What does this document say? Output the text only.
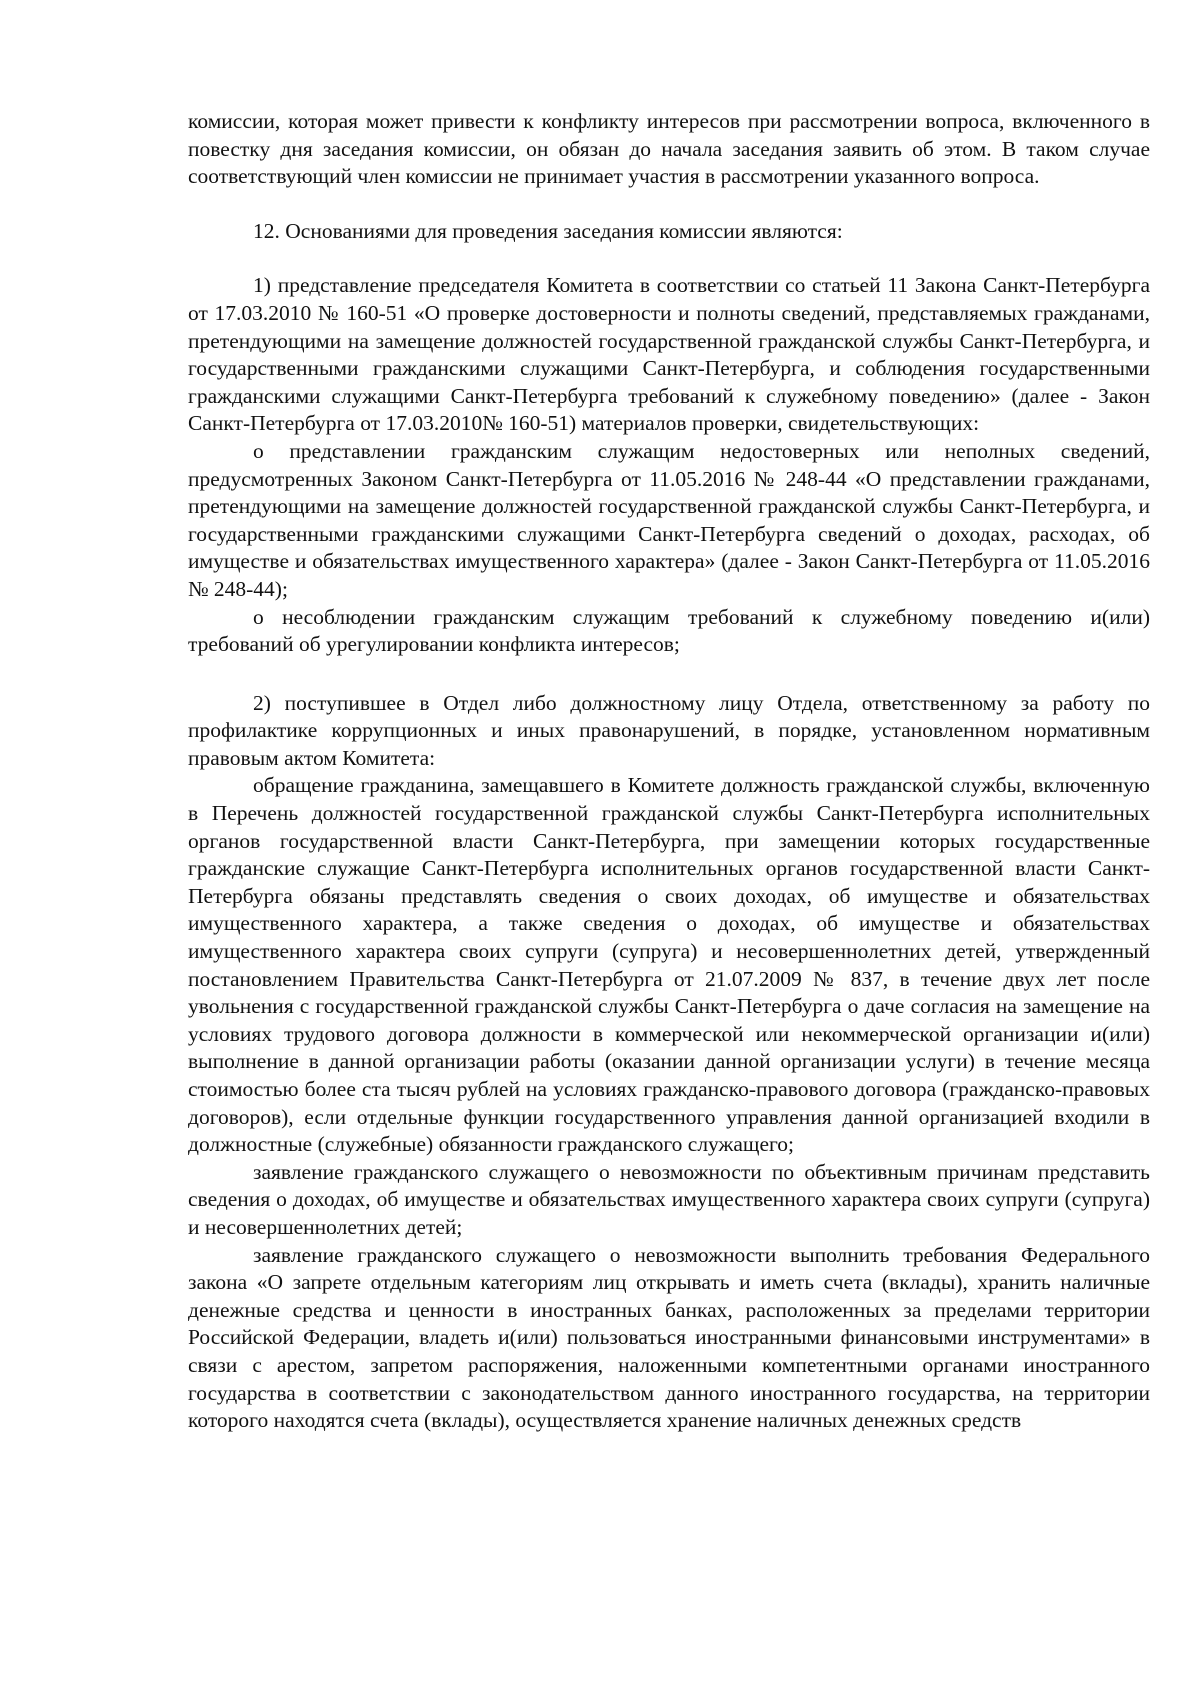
комиссии, которая может привести к конфликту интересов при рассмотрении вопроса, включенного в повестку дня заседания комиссии, он обязан до начала заседания заявить об этом. В таком случае соответствующий член комиссии не принимает участия в рассмотрении указанного вопроса.

12. Основаниями для проведения заседания комиссии являются:

1) представление председателя Комитета в соответствии со статьей 11 Закона Санкт-Петербурга от 17.03.2010 № 160-51 «О проверке достоверности и полноты сведений, представляемых гражданами, претендующими на замещение должностей государственной гражданской службы Санкт-Петербурга, и государственными гражданскими служащими Санкт-Петербурга, и соблюдения государственными гражданскими служащими Санкт-Петербурга требований к служебному поведению» (далее - Закон Санкт-Петербурга от 17.03.2010№ 160-51) материалов проверки, свидетельствующих:

о представлении гражданским служащим недостоверных или неполных сведений, предусмотренных Законом Санкт-Петербурга от 11.05.2016 № 248-44 «О представлении гражданами, претендующими на замещение должностей государственной гражданской службы Санкт-Петербурга, и государственными гражданскими служащими Санкт-Петербурга сведений о доходах, расходах, об имуществе и обязательствах имущественного характера» (далее - Закон Санкт-Петербурга от 11.05.2016 № 248-44);

о несоблюдении гражданским служащим требований к служебному поведению и(или) требований об урегулировании конфликта интересов;

2) поступившее в Отдел либо должностному лицу Отдела, ответственному за работу по профилактике коррупционных и иных правонарушений, в порядке, установленном нормативным правовым актом Комитета:

обращение гражданина, замещавшего в Комитете должность гражданской службы, включенную в Перечень должностей государственной гражданской службы Санкт-Петербурга исполнительных органов государственной власти Санкт-Петербурга, при замещении которых государственные гражданские служащие Санкт-Петербурга исполнительных органов государственной власти Санкт-Петербурга обязаны представлять сведения о своих доходах, об имуществе и обязательствах имущественного характера, а также сведения о доходах, об имуществе и обязательствах имущественного характера своих супруги (супруга) и несовершеннолетних детей, утвержденный постановлением Правительства Санкт-Петербурга от 21.07.2009 № 837, в течение двух лет после увольнения с государственной гражданской службы Санкт-Петербурга о даче согласия на замещение на условиях трудового договора должности в коммерческой или некоммерческой организации и(или) выполнение в данной организации работы (оказании данной организации услуги) в течение месяца стоимостью более ста тысяч рублей на условиях гражданско-правового договора (гражданско-правовых договоров), если отдельные функции государственного управления данной организацией входили в должностные (служебные) обязанности гражданского служащего;

заявление гражданского служащего о невозможности по объективным причинам представить сведения о доходах, об имуществе и обязательствах имущественного характера своих супруги (супруга) и несовершеннолетних детей;

заявление гражданского служащего о невозможности выполнить требования Федерального закона «О запрете отдельным категориям лиц открывать и иметь счета (вклады), хранить наличные денежные средства и ценности в иностранных банках, расположенных за пределами территории Российской Федерации, владеть и(или) пользоваться иностранными финансовыми инструментами» в связи с арестом, запретом распоряжения, наложенными компетентными органами иностранного государства в соответствии с законодательством данного иностранного государства, на территории которого находятся счета (вклады), осуществляется хранение наличных денежных средств
